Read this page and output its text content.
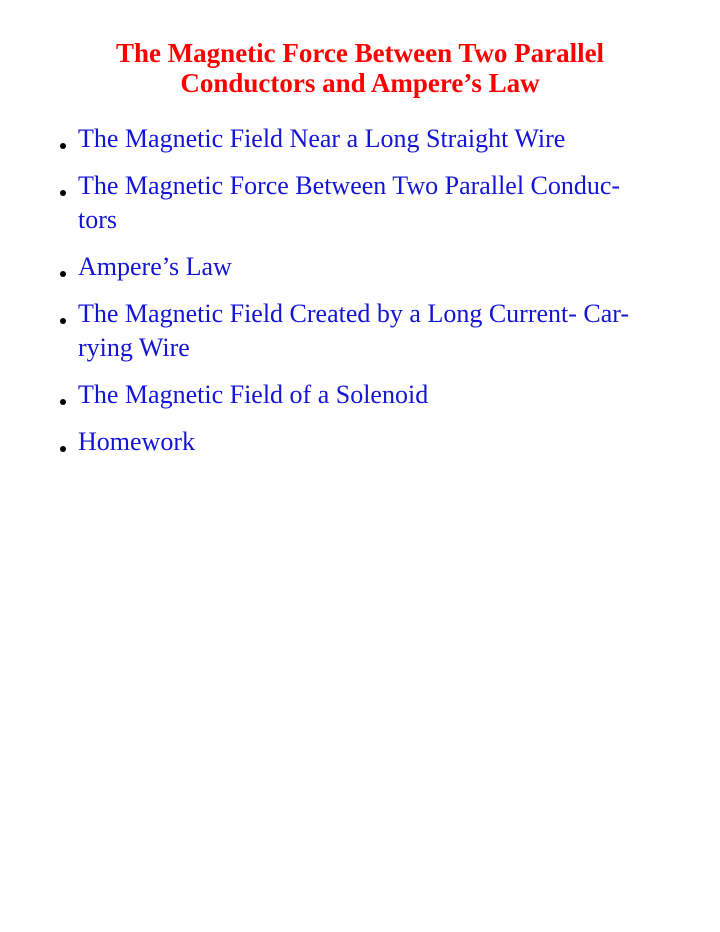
The Magnetic Force Between Two Parallel
Conductors and Ampere’s Law
The Magnetic Field Near a Long Straight Wire
The Magnetic Force Between Two Parallel Conduc-
tors
Ampere’s Law
The Magnetic Field Created by a Long Current- Car-
rying Wire
The Magnetic Field of a Solenoid
Homework
